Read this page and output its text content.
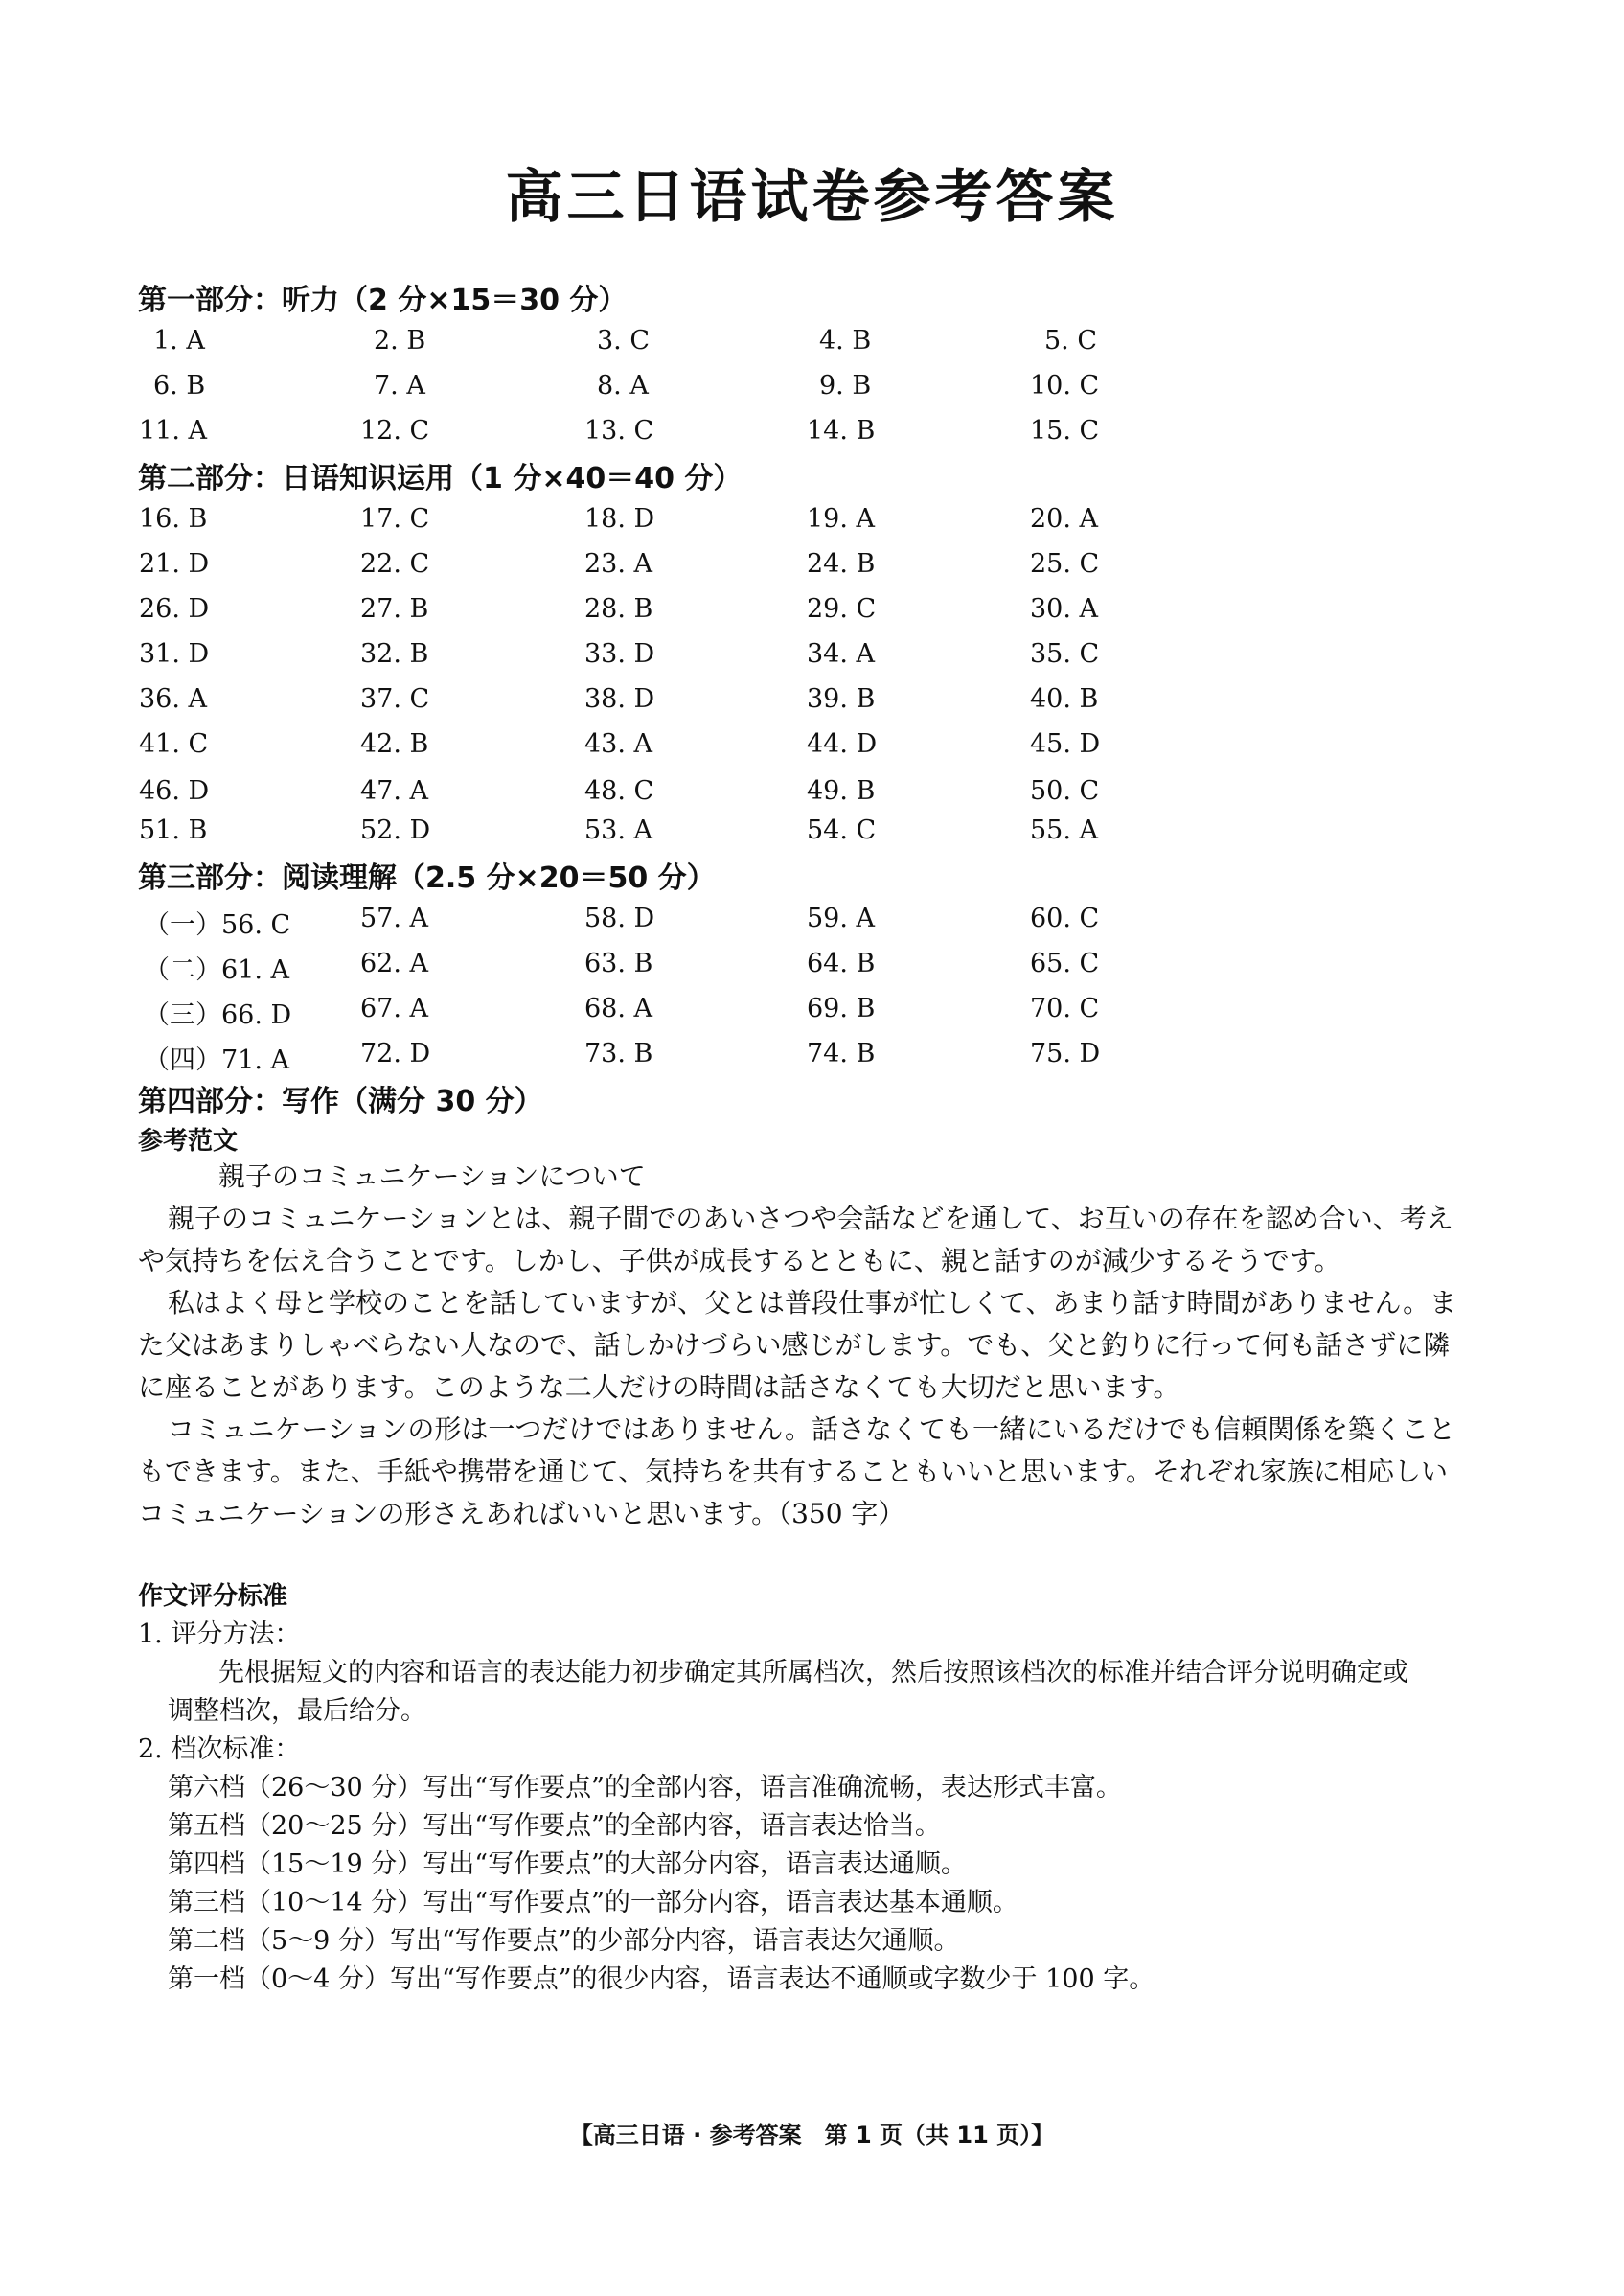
高三日语试卷参考答案
第一部分：听力（2 分×15＝30 分）
1. A	2. B	3. C	4. B	5. C
6. B	7. A	8. A	9. B	10. C
11. A	12. C	13. C	14. B	15. C
第二部分：日语知识运用（1 分×40＝40 分）
16. B	17. C	18. D	19. A	20. A
21. D	22. C	23. A	24. B	25. C
26. D	27. B	28. B	29. C	30. A
31. D	32. B	33. D	34. A	35. C
36. A	37. C	38. D	39. B	40. B
41. C	42. B	43. A	44. D	45. D
46. D	47. A	48. C	49. B	50. C
51. B	52. D	53. A	54. C	55. A
第三部分：阅读理解（2.5 分×20＝50 分）
（一）56. C	57. A	58. D	59. A	60. C
（二）61. A	62. A	63. B	64. B	65. C
（三）66. D	67. A	68. A	69. B	70. C
（四）71. A	72. D	73. B	74. B	75. D
第四部分：写作（满分 30 分）
参考范文
親子のコミュニケーションについて
親子のコミュニケーションとは、親子間でのあいさつや会話などを通して、お互いの存在を認め合い、考え
や気持ちを伝え合うことです。しかし、子供が成長するとともに、親と話すのが減少するそうです。
私はよく母と学校のことを話していますが、父とは普段仕事が忙しくて、あまり話す時間がありません。ま
た父はあまりしゃべらない人なので、話しかけづらい感じがします。でも、父と釣りに行って何も話さずに隣
に座ることがあります。このような二人だけの時間は話さなくても大切だと思います。
コミュニケーションの形は一つだけではありません。話さなくても一緒にいるだけでも信頼関係を築くこと
もできます。また、手紙や携帯を通じて、気持ちを共有することもいいと思います。それぞれ家族に相応しい
コミュニケーションの形さえあればいいと思います。（350 字）
作文评分标准
1. 评分方法：
先根据短文的内容和语言的表达能力初步确定其所属档次，然后按照该档次的标准并结合评分说明确定或
调整档次，最后给分。
2. 档次标准：
第六档（26～30 分）写出“写作要点”的全部内容，语言准确流畅，表达形式丰富。
第五档（20～25 分）写出“写作要点”的全部内容，语言表达恰当。
第四档（15～19 分）写出“写作要点”的大部分内容，语言表达通顺。
第三档（10～14 分）写出“写作要点”的一部分内容，语言表达基本通顺。
第二档（5～9 分）写出“写作要点”的少部分内容，语言表达欠通顺。
第一档（0～4 分）写出“写作要点”的很少内容，语言表达不通顺或字数少于 100 字。
【高三日语 · 参考答案　第 1 页（共 11 页）】
